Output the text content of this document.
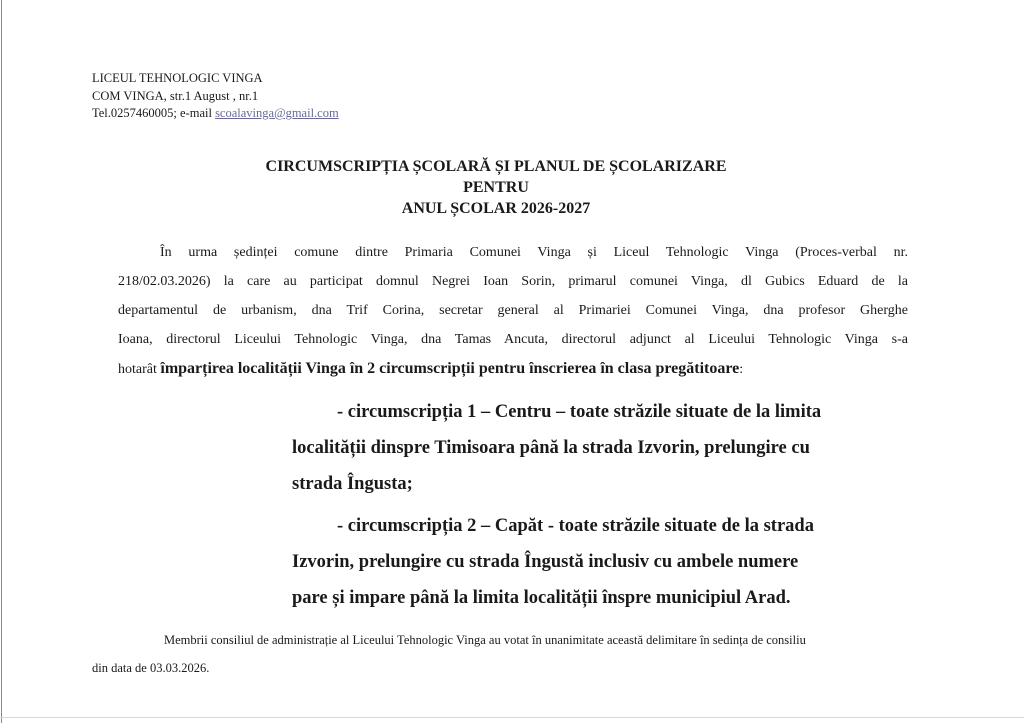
LICEUL TEHNOLOGIC VINGA
COM VINGA, str.1 August , nr.1
Tel.0257460005; e-mail scoalavinga@gmail.com
CIRCUMSCRIPȚIA ȘCOLARĂ ȘI PLANUL DE ȘCOLARIZARE
PENTRU
ANUL ȘCOLAR 2026-2027
În urma ședinței comune dintre Primaria Comunei Vinga și Liceul Tehnologic Vinga (Proces-verbal nr.
218/02.03.2026) la care au participat domnul Negrei Ioan Sorin, primarul comunei Vinga, dl Gubics Eduard de la
departamentul de urbanism, dna Trif Corina, secretar general al Primariei Comunei Vinga, dna profesor Gherghe
Ioana, directorul Liceului Tehnologic Vinga, dna Tamas Ancuta, directorul adjunct al Liceului Tehnologic Vinga s-a
hotarât împarțirea localității Vinga în 2 circumscripții pentru înscrierea în clasa pregătitoare:
- circumscripția 1 – Centru – toate străzile situate de la limita
localității dinspre Timisoara până la strada Izvorin, prelungire cu
strada Îngusta;
- circumscripția 2 – Capăt - toate străzile situate de la strada
Izvorin, prelungire cu strada Îngustă inclusiv cu ambele numere
pare și impare până la limita localității înspre municipiul Arad.
Membrii consiliul de administrație al Liceului Tehnologic Vinga au votat în unanimitate această delimitare în sedința de consiliu
din data de 03.03.2026.
